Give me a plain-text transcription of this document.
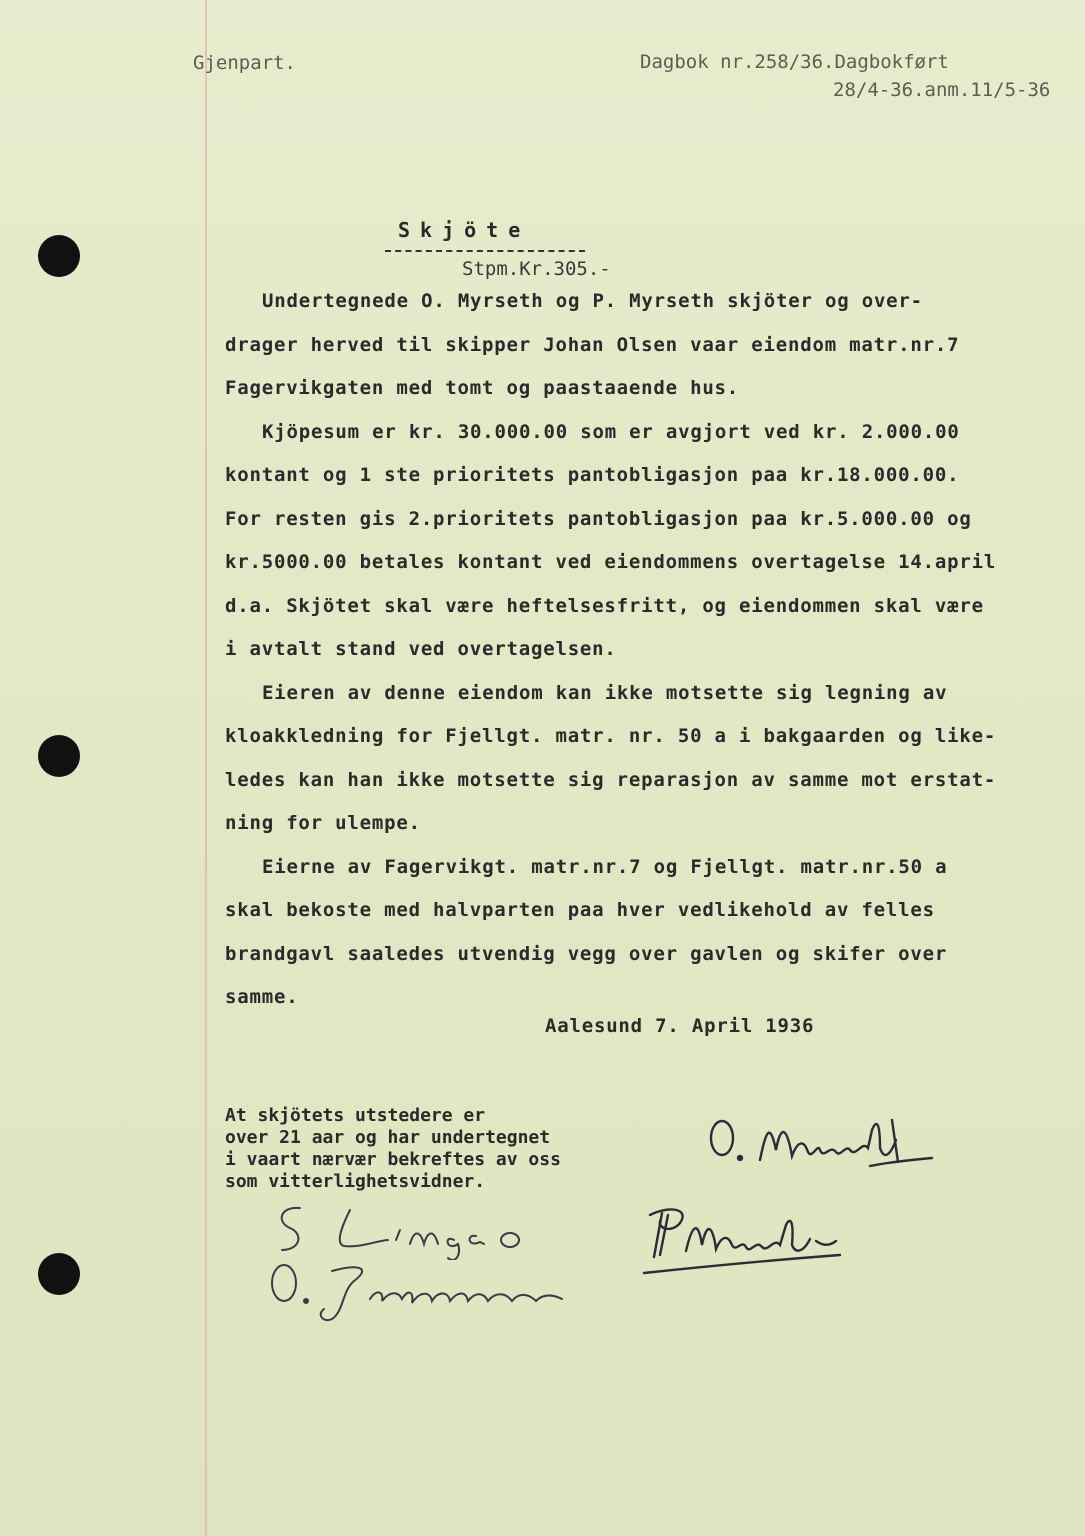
Gjenpart.	Dagbok nr.258/36.Dagbokført
28/4-36.anm.11/5-36
Skjöte
Stpm.Kr.305.-

Undertegnede O. Myrseth og P. Myrseth skjöter og over-

drager herved til skipper Johan Olsen vaar eiendom matr.nr.7

Fagervikgaten med tomt og paastaaende hus.

Kjöpesum er kr. 30.000.00 som er avgjort ved kr. 2.000.00

kontant og 1 ste prioritets pantobligasjon paa kr.18.000.00.

For resten gis 2.prioritets pantobligasjon paa kr.5.000.00 og

kr.5000.00 betales kontant ved eiendommens overtagelse 14.april

d.a. Skjötet skal være heftelsesfritt, og eiendommen skal være

i avtalt stand ved overtagelsen.

Eieren av denne eiendom kan ikke motsette sig legning av

kloakkledning for Fjellgt. matr. nr. 50 a i bakgaarden og like-

ledes kan han ikke motsette sig reparasjon av samme mot erstat-

ning for ulempe.

Eierne av Fagervikgt. matr.nr.7 og Fjellgt. matr.nr.50 a

skal bekoste med halvparten paa hver vedlikehold av felles

brandgavl saaledes utvendig vegg over gavlen og skifer over

samme.

Aalesund 7. April 1936

At skjötets utstedere er

over 21 aar og har undertegnet

i vaart nærvær bekreftes av oss

som vitterlighetsvidner.
